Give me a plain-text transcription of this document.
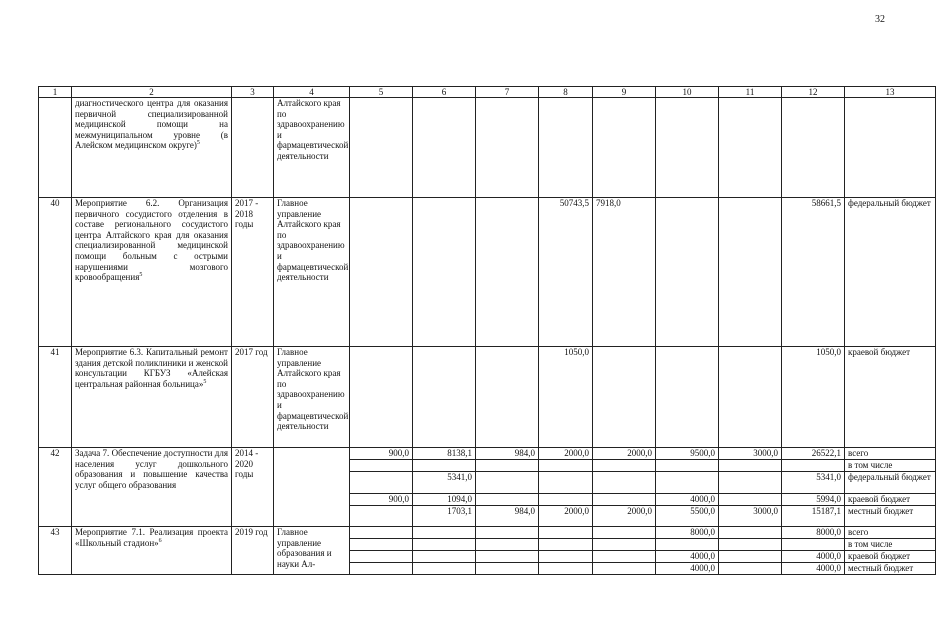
32
1	2	3	4	5	6	7	8	9	10	11	12	13
	диагностического центра для оказания первичной специализированной медицинской помощи на межмуниципальном уровне (в Алейском медицинском округе)$^5$		Алтайского края по здравоохранению и фармацевтической деятельности									
40	Мероприятие 6.2. Организация первичного сосудистого отделения в составе регионального сосудистого центра Алтайского края для оказания специализированной медицинской помощи больным с острыми нарушениями мозгового кровообращения$^5$	2017 - 2018 годы	Главное управление Алтайского края по здравоохранению и фармацевтической деятельности				50743,5	7918,0			58661,5	федеральный бюджет
41	Мероприятие 6.3. Капитальный ремонт здания детской поликлиники и женской консультации КГБУЗ «Алейская центральная районная больница»$^5$	2017 год	Главное управление Алтайского края по здравоохранению и фармацевтической деятельности				1050,0				1050,0	краевой бюджет
42	Задача 7. Обеспечение доступности для населения услуг дошкольного образования и повышение качества услуг общего образования	2014 - 2020 годы		900,0	8138,1	984,0	2000,0	2000,0	9500,0	3000,0	26522,1	всего
												в том числе
					5341,0						5341,0	федеральный бюджет
				900,0	1094,0				4000,0		5994,0	краевой бюджет
					1703,1	984,0	2000,0	2000,0	5500,0	3000,0	15187,1	местный бюджет
43	Мероприятие 7.1. Реализация проекта «Школьный стадион»$^6$	2019 год	Главное управление образования и науки Ал-						8000,0		8000,0	всего
												в том числе
									4000,0		4000,0	краевой бюджет
									4000,0		4000,0	местный бюджет
